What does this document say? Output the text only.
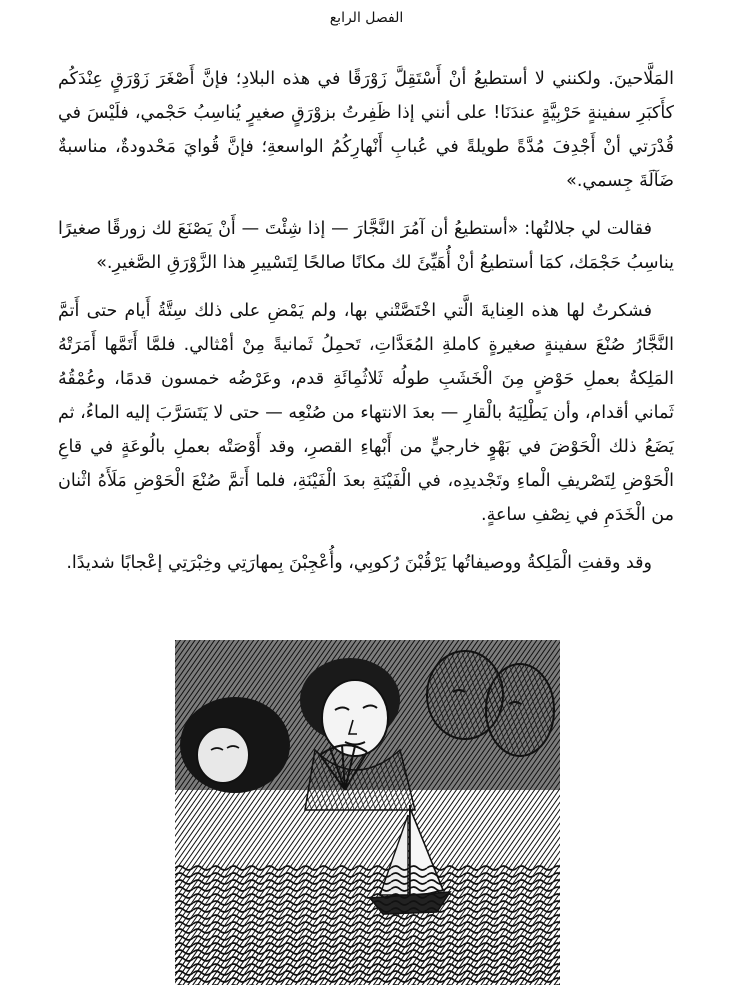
الفصل الرابع

المَلَّاحينَ. ولكنني لا أستطيعُ أنْ أَسْتَقِلَّ زَوْرَقًا في هذه البلادِ؛ فإنَّ أَصْغَرَ زَوْرَقٍ عِنْدَكُم كأَكبَرِ سفينةٍ حَرْبِيَّةٍ عندَنَا! على أنني إذا ظَفِرتُ بزوْرَقٍ صغيرٍ يُناسِبُ حَجْمي، فلَيْسَ في قُدْرَتي أنْ أَجْدِفَ مُدَّةً طويلةً في عُبابِ أَنْهارِكُمُ الواسعةِ؛ فإنَّ قُوايَ مَحْدودةٌ، مناسبةٌ ضَآلَةَ جِسمي.»

فقالت لي جلالتُها: «أستطيعُ أن آمُرَ النَّجَّارَ — إذا شِئْتَ — أَنْ يَصْنَعَ لك زورقًا صغيرًا يناسِبُ حَجْمَك، كمَا أستطيعُ أنْ أُهَيِّئَ لك مكانًا صالحًا لِتَسْييرِ هذا الزَّوْرَقِ الصَّغيرِ.»

فشكرتُ لها هذه العِنايةَ الَّتي اخْتَصَّتْني بها، ولم يَمْضِ على ذلك سِتَّةُ أَيام حتى أَتمَّ النَّجَّارُ صُنْعَ سفينةٍ صغيرةٍ كاملةِ المُعَدَّاتِ، تَحمِلُ ثَمانيةً مِنْ أمْثالي. فلمَّا أَتَمَّها أَمَرَتْهُ المَلِكةُ بعملِ حَوْضٍ مِنَ الْخَشَبِ طولُه ثَلاثُمِائَةِ قدم، وعَرْضُه خمسون قدمًا، وعُمْقُهُ ثَماني أقدام، وأن يَطْلِيَهُ بالْقارِ — بعدَ الانتهاء من صُنْعِه — حتى لا يَتَسَرَّبَ إليه الماءُ، ثم يَضَعُ ذلك الْحَوْضَ في بَهْوٍ خارجيٍّ من أَبْهاءِ القصرِ، وقد أَوْصَتْه بعملِ بالُوعَةٍ في قاعِ الْحَوْضِ لِتَصْريفِ الْماءِ وتَجْديدِه، في الْفَيْنَةِ بعدَ الْفَيْنَةِ، فلما أَتمَّ صُنْعَ الْحَوْضِ مَلَأَهُ اثْنان من الْخَدَمِ في نِصْفِ ساعةٍ.

وقد وقفتِ الْمَلِكةُ ووصيفاتُها يَرْقُبْنَ رُكوبِي، وأُعْجِبْنَ بِمهارَتِي وخِبْرَتِي إعْجابًا شديدًا.
